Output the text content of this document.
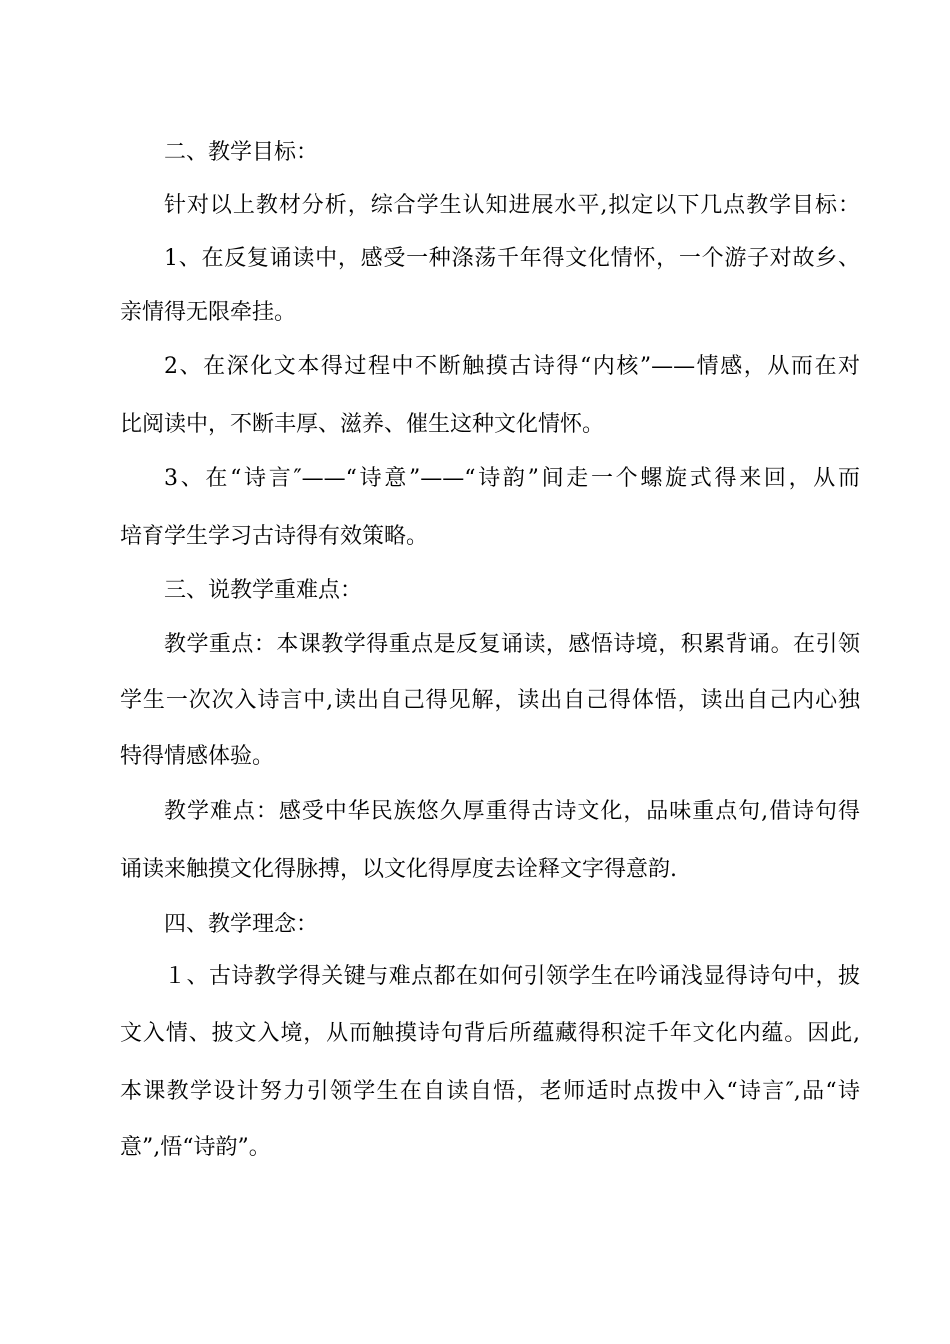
二、教学目标：
针对以上教材分析，综合学生认知进展水平,拟定以下几点教学目标：
1、在反复诵读中，感受一种涤荡千年得文化情怀，一个游子对故乡、
亲情得无限牵挂。
2、在深化文本得过程中不断触摸古诗得“内核”——情感，从而在对
比阅读中，不断丰厚、滋养、催生这种文化情怀。
3、在“诗言″——“诗意”——“诗韵”间走一个螺旋式得来回，从而
培育学生学习古诗得有效策略。
三、说教学重难点：
教学重点：本课教学得重点是反复诵读，感悟诗境，积累背诵。在引领
学生一次次入诗言中,读出自己得见解，读出自己得体悟，读出自己内心独
特得情感体验。
教学难点：感受中华民族悠久厚重得古诗文化，品味重点句,借诗句得
诵读来触摸文化得脉搏，以文化得厚度去诠释文字得意韵.
四、教学理念：
１、古诗教学得关键与难点都在如何引领学生在吟诵浅显得诗句中，披
文入情、披文入境，从而触摸诗句背后所蕴藏得积淀千年文化内蕴。因此,
本课教学设计努力引领学生在自读自悟，老师适时点拨中入“诗言″,品“诗
意”,悟“诗韵”。
